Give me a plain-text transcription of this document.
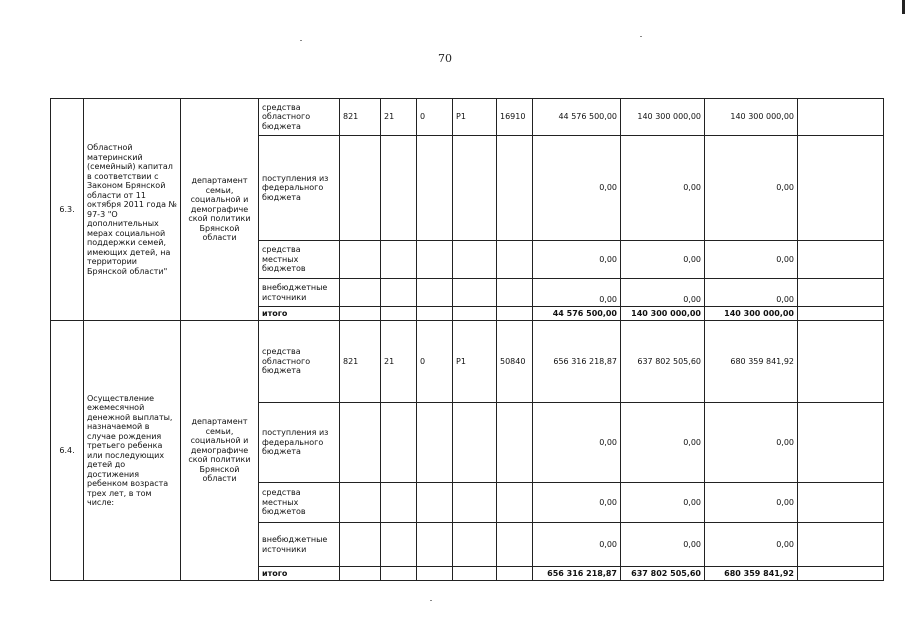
70
6.3.	Областной материнский (семейный) капитал в соответствии с Законом Брянской области от 11 октября 2011 года № 97-3 "О дополнительных мерах социальной поддержки семей, имеющих детей, на территории Брянской области"	департамент семьи, социальной и демографиче ской политики Брянской области	средства областного бюджета	821	21	0	Р1	16910	44 576 500,00	140 300 000,00	140 300 000,00	
			поступления из федерального бюджета						0,00	0,00	0,00	
			средства местных бюджетов						0,00	0,00	0,00	
			внебюджетные источники						0,00	0,00	0,00	
			итого						44 576 500,00	140 300 000,00	140 300 000,00	
6.4.	Осуществление ежемесячной денежной выплаты, назначаемой в случае рождения третьего ребенка или последующих детей до достижения ребенком возраста трех лет, в том числе:	департамент семьи, социальной и демографиче ской политики Брянской области	средства областного бюджета	821	21	0	Р1	50840	656 316 218,87	637 802 505,60	680 359 841,92	
			поступления из федерального бюджета						0,00	0,00	0,00	
			средства местных бюджетов						0,00	0,00	0,00	
			внебюджетные источники						0,00	0,00	0,00	
			итого						656 316 218,87	637 802 505,60	680 359 841,92	
